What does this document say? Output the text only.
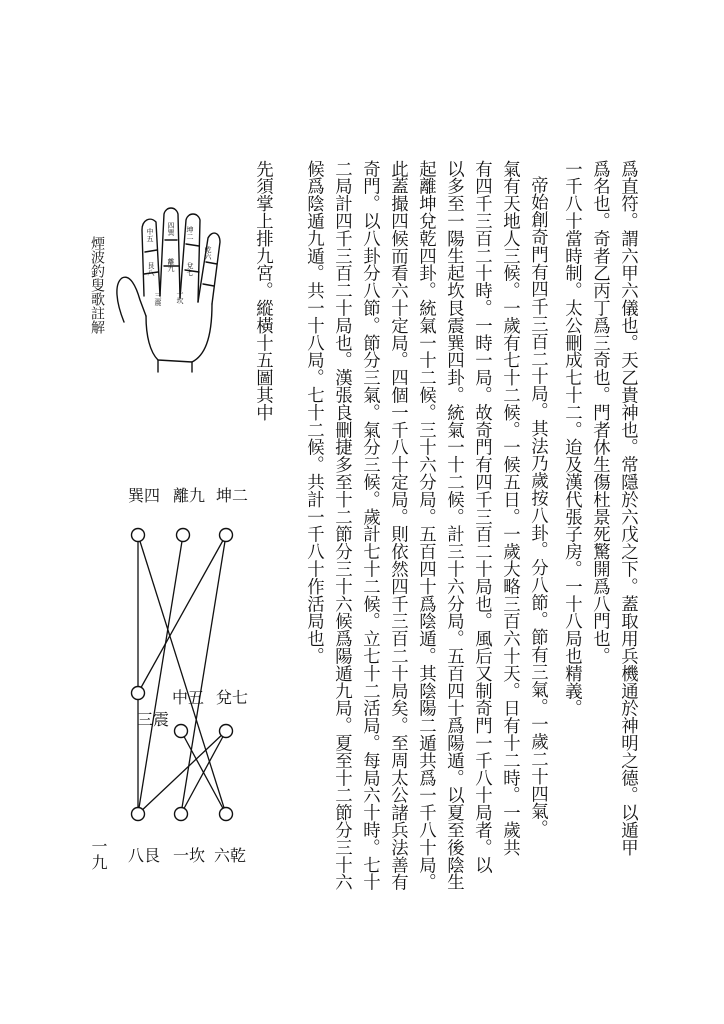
爲直符。謂六甲六儀也。天乙貴神也。常隱於六戊之下。蓋取用兵機通於神明之德。以遁甲
爲名也。奇者乙丙丁爲三奇也。門者休生傷杜景死驚開爲八門也。
一千八十當時制。太公刪成七十二。迨及漢代張子房。一十八局也精義。
帝始創奇門有四千三百二十局。其法乃歲按八卦。分八節。節有三氣。一歲二十四氣。
氣有天地人三候。一歲有七十二候。一候五日。一歲大略三百六十天。日有十二時。一歲共
有四千三百二十時。一時一局。故奇門有四千三百二十局也。風后又制奇門一千八十局者。以
以多至一陽生起坎艮震巽四卦。統氣一十二候。計三十六分局。五百四十爲陽遁。以夏至後陰生
起離坤兌乾四卦。統氣一十二候。三十六分局。五百四十爲陰遁。其陰陽二遁共爲一千八十局。
此蓋撮四候而看六十定局。四個一千八十定局。則依然四千三百二十局矣。至周太公諸兵法善有
奇門。以八卦分八節。節分三氣。氣分三候。歲計七十二候。立七十二活局。每局六十時。七十
二局計四千三百二十局也。漢張良刪捷多至十二節分三十六候爲陽遁九局。夏至十二節分三十六
候爲陰遁九遁。共一十八局。七十二候。共計一千八十作活局也。
先須掌上排九宮。縱橫十五圖其中
煙波釣叟歌註解
一九
中五
艮八
三震
四巽
離九
坤二
兌七
乾六
一坎
巽四 離九 坤二
三震
中五 兌七
八艮 一坎 六乾
